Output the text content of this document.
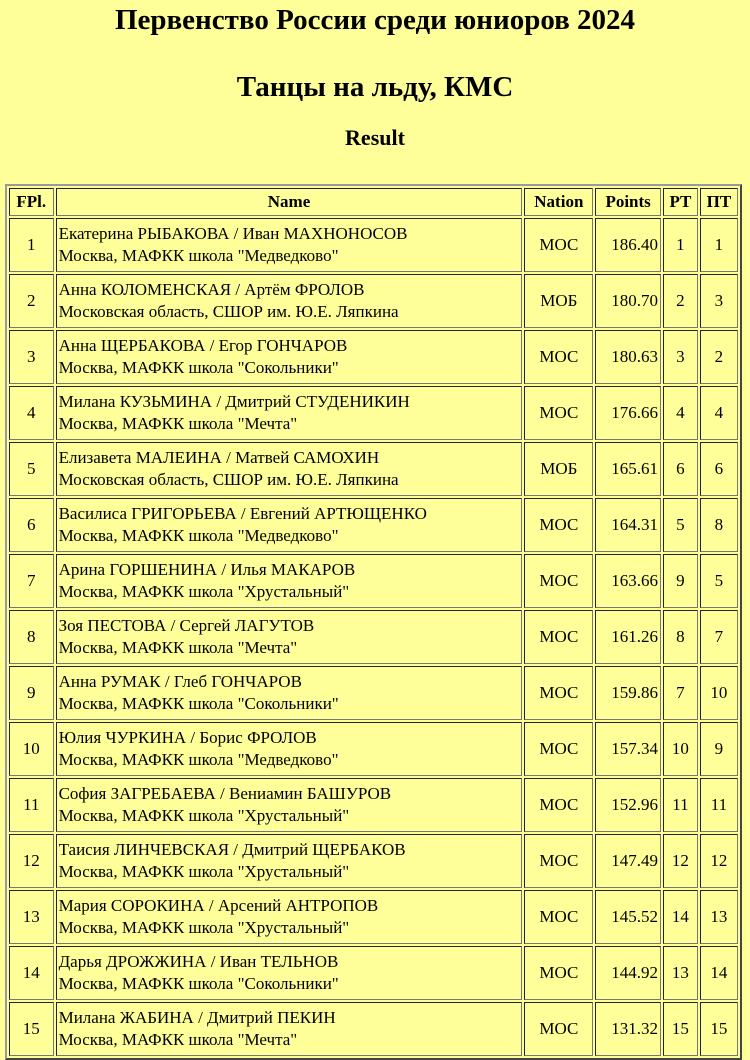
Первенство России среди юниоров 2024
Танцы на льду, КМС
Result
FPl.	Name	Nation	Points	РТ	ПТ
1	Екатерина РЫБАКОВА / Иван МАХНОНОСОВ
Москва, МАФКК школа "Медведково"	МОС	186.40	1	1
2	Анна КОЛОМЕНСКАЯ / Артём ФРОЛОВ
Московская область, СШОР им. Ю.Е. Ляпкина	МОБ	180.70	2	3
3	Анна ЩЕРБАКОВА / Егор ГОНЧАРОВ
Москва, МАФКК школа "Сокольники"	МОС	180.63	3	2
4	Милана КУЗЬМИНА / Дмитрий СТУДЕНИКИН
Москва, МАФКК школа "Мечта"	МОС	176.66	4	4
5	Елизавета МАЛЕИНА / Матвей САМОХИН
Московская область, СШОР им. Ю.Е. Ляпкина	МОБ	165.61	6	6
6	Василиса ГРИГОРЬЕВА / Евгений АРТЮЩЕНКО
Москва, МАФКК школа "Медведково"	МОС	164.31	5	8
7	Арина ГОРШЕНИНА / Илья МАКАРОВ
Москва, МАФКК школа "Хрустальный"	МОС	163.66	9	5
8	Зоя ПЕСТОВА / Сергей ЛАГУТОВ
Москва, МАФКК школа "Мечта"	МОС	161.26	8	7
9	Анна РУМАК / Глеб ГОНЧАРОВ
Москва, МАФКК школа "Сокольники"	МОС	159.86	7	10
10	Юлия ЧУРКИНА / Борис ФРОЛОВ
Москва, МАФКК школа "Медведково"	МОС	157.34	10	9
11	София ЗАГРЕБАЕВА / Вениамин БАШУРОВ
Москва, МАФКК школа "Хрустальный"	МОС	152.96	11	11
12	Таисия ЛИНЧЕВСКАЯ / Дмитрий ЩЕРБАКОВ
Москва, МАФКК школа "Хрустальный"	МОС	147.49	12	12
13	Мария СОРОКИНА / Арсений АНТРОПОВ
Москва, МАФКК школа "Хрустальный"	МОС	145.52	14	13
14	Дарья ДРОЖЖИНА / Иван ТЕЛЬНОВ
Москва, МАФКК школа "Сокольники"	МОС	144.92	13	14
15	Милана ЖАБИНА / Дмитрий ПЕКИН
Москва, МАФКК школа "Мечта"	МОС	131.32	15	15
